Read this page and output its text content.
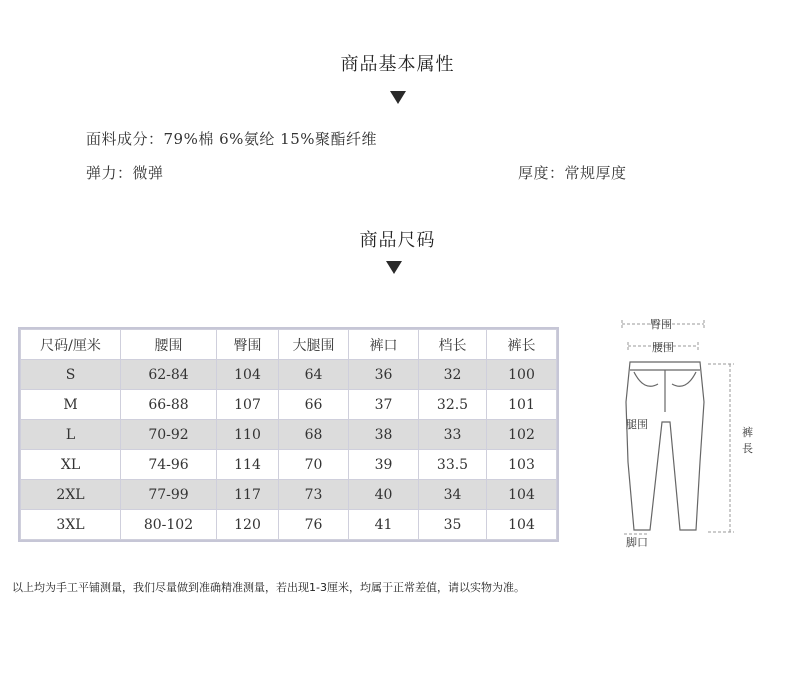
商品基本属性
面料成分：79%棉 6%氨纶 15%聚酯纤维
弹力：微弹	厚度：常规厚度
商品尺码
尺码/厘米	腰围	臀围	大腿围	裤口	档长	裤长
S	62-84	104	64	36	32	100
M	66-88	107	66	37	32.5	101
L	70-92	110	68	38	33	102
XL	74-96	114	70	39	33.5	103
2XL	77-99	117	73	40	34	104
3XL	80-102	120	76	41	35	104
臀围
腰围
腿围
裤
長
脚口
以上均为手工平铺测量，我们尽量做到准确精准测量，若出现1-3厘米，均属于正常差值，请以实物为准。
